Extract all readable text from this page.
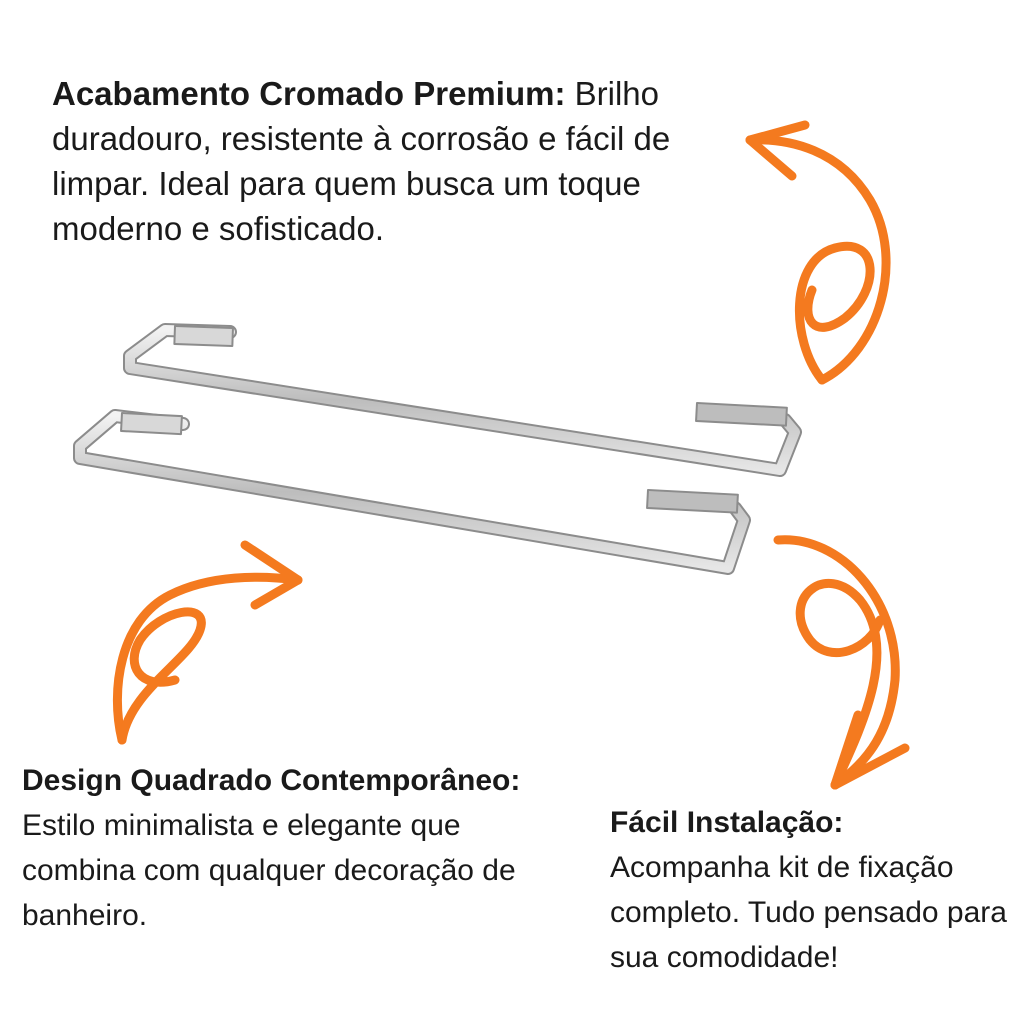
Acabamento Cromado Premium: Brilho duradouro, resistente à corrosão e fácil de limpar. Ideal para quem busca um toque moderno e sofisticado.

Design Quadrado Contemporâneo:
Estilo minimalista e elegante que combina com qualquer decoração de banheiro.

Fácil Instalação:
Acompanha kit de fixação completo. Tudo pensado para sua comodidade!
